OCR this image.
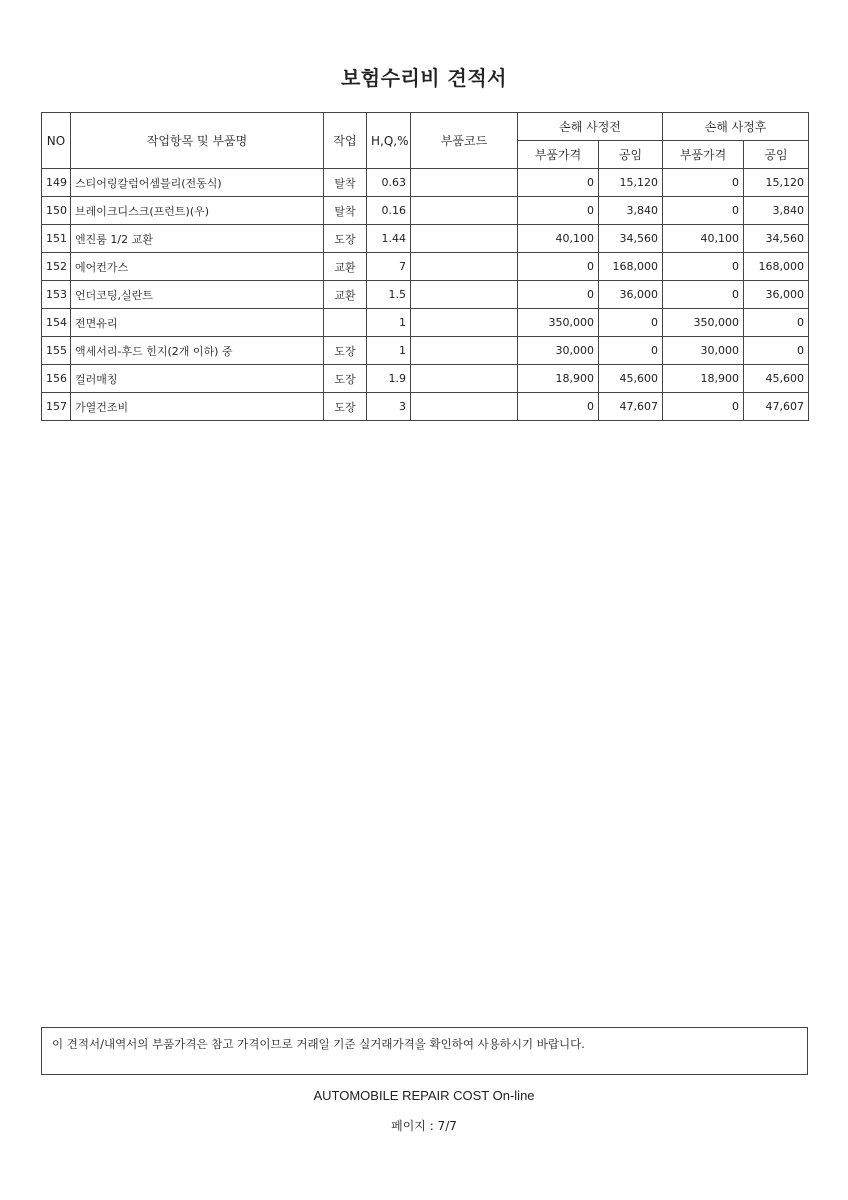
보험수리비 견적서
NO	작업항목 및 부품명	작업	H,Q,%	부품코드	손해 사정전		손해 사정후	
					부품가격	공임	부품가격	공임
149	스티어링칼럼어셈블리(전동식)	탈착	0.63		0	15,120	0	15,120
150	브레이크디스크(프런트)(우)	탈착	0.16		0	3,840	0	3,840
151	엔진룸 1/2 교환	도장	1.44		40,100	34,560	40,100	34,560
152	에어컨가스	교환	7		0	168,000	0	168,000
153	언더코팅,실란트	교환	1.5		0	36,000	0	36,000
154	전면유리		1		350,000	0	350,000	0
155	액세서리-후드 힌지(2개 이하) 중	도장	1		30,000	0	30,000	0
156	컬러매칭	도장	1.9		18,900	45,600	18,900	45,600
157	가열건조비	도장	3		0	47,607	0	47,607
이 견적서/내역서의 부품가격은 참고 가격이므로 거래일 기준 실거래가격을 확인하여 사용하시기 바랍니다.
AUTOMOBILE REPAIR COST On-line
페이지 : 7/7
